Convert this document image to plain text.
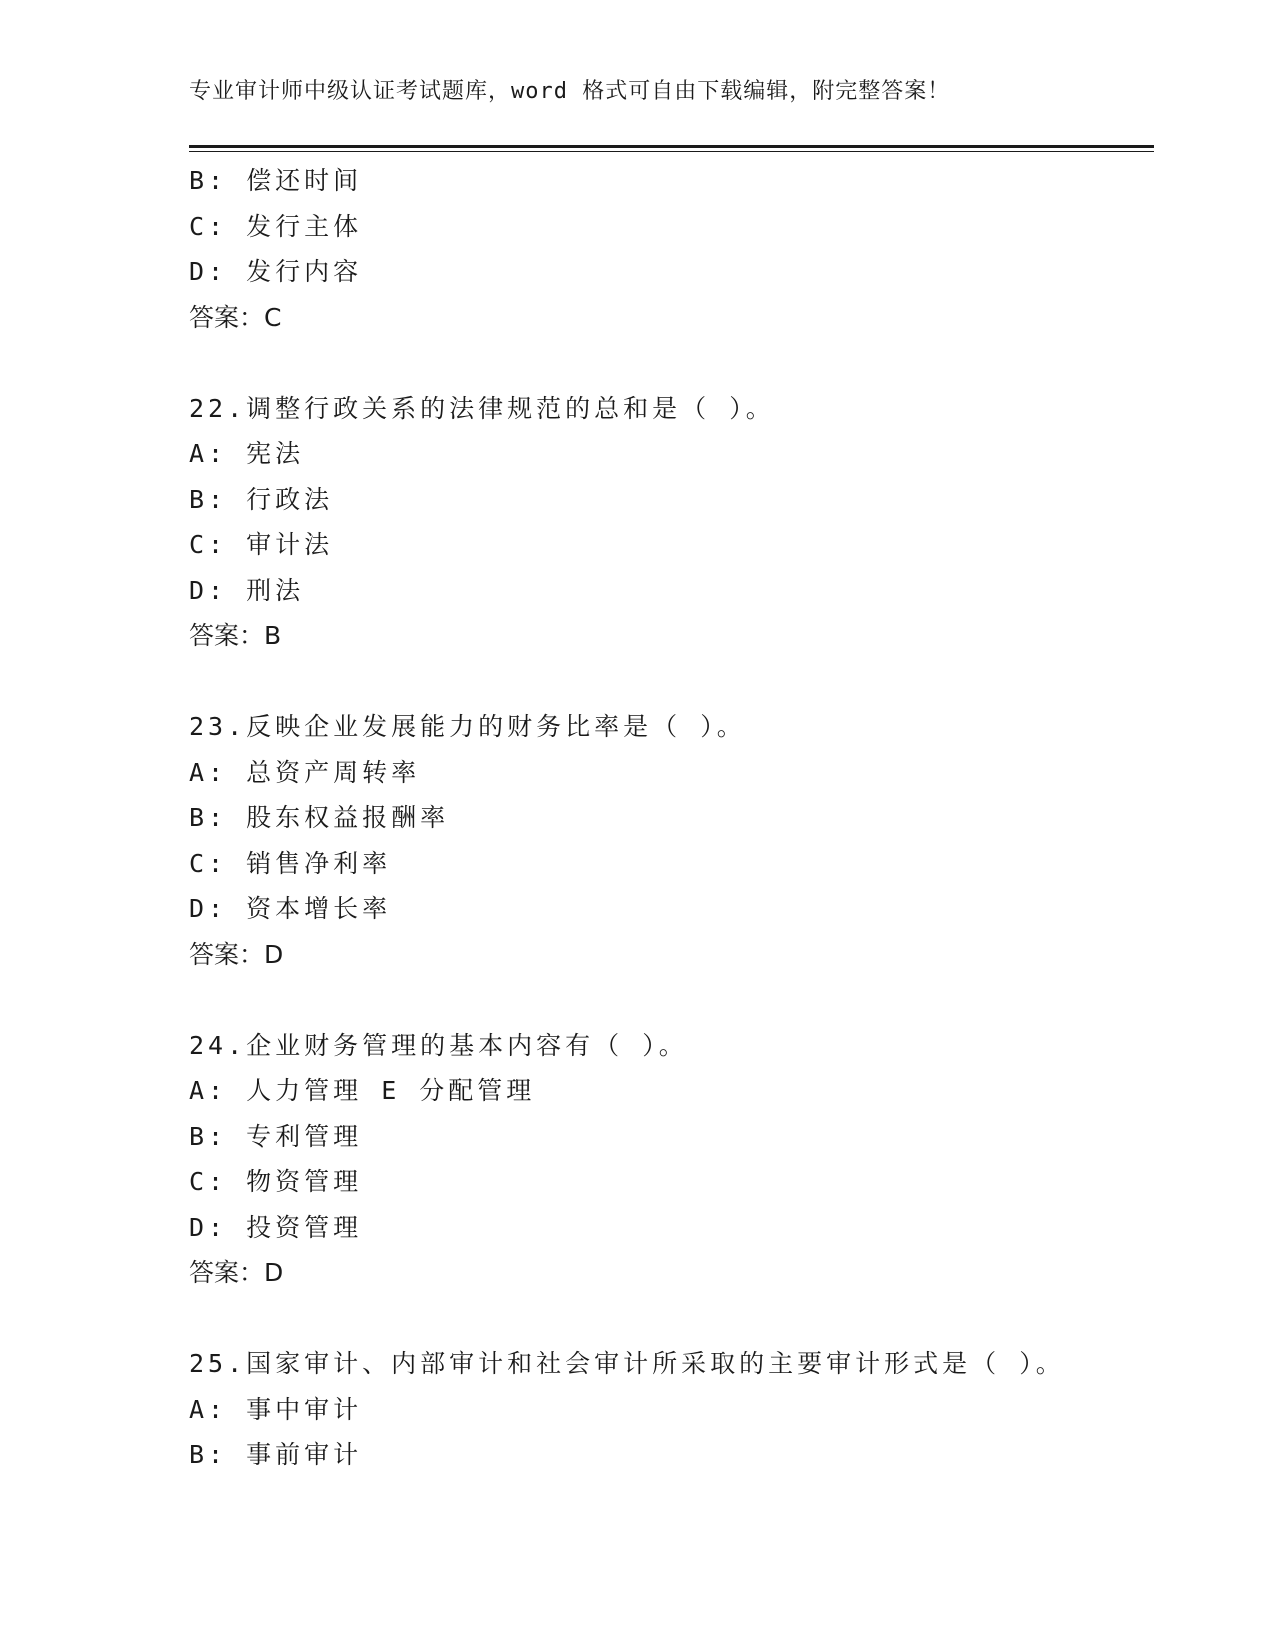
专业审计师中级认证考试题库，word 格式可自由下载编辑，附完整答案！
B: 偿还时间
C: 发行主体
D: 发行内容
答案：C
22.调整行政关系的法律规范的总和是（ ）。
A: 宪法
B: 行政法
C: 审计法
D: 刑法
答案：B
23.反映企业发展能力的财务比率是（ ）。
A: 总资产周转率
B: 股东权益报酬率
C: 销售净利率
D: 资本增长率
答案：D
24.企业财务管理的基本内容有（ ）。
A: 人力管理 E 分配管理
B: 专利管理
C: 物资管理
D: 投资管理
答案：D
25.国家审计、内部审计和社会审计所采取的主要审计形式是（ ）。
A: 事中审计
B: 事前审计
